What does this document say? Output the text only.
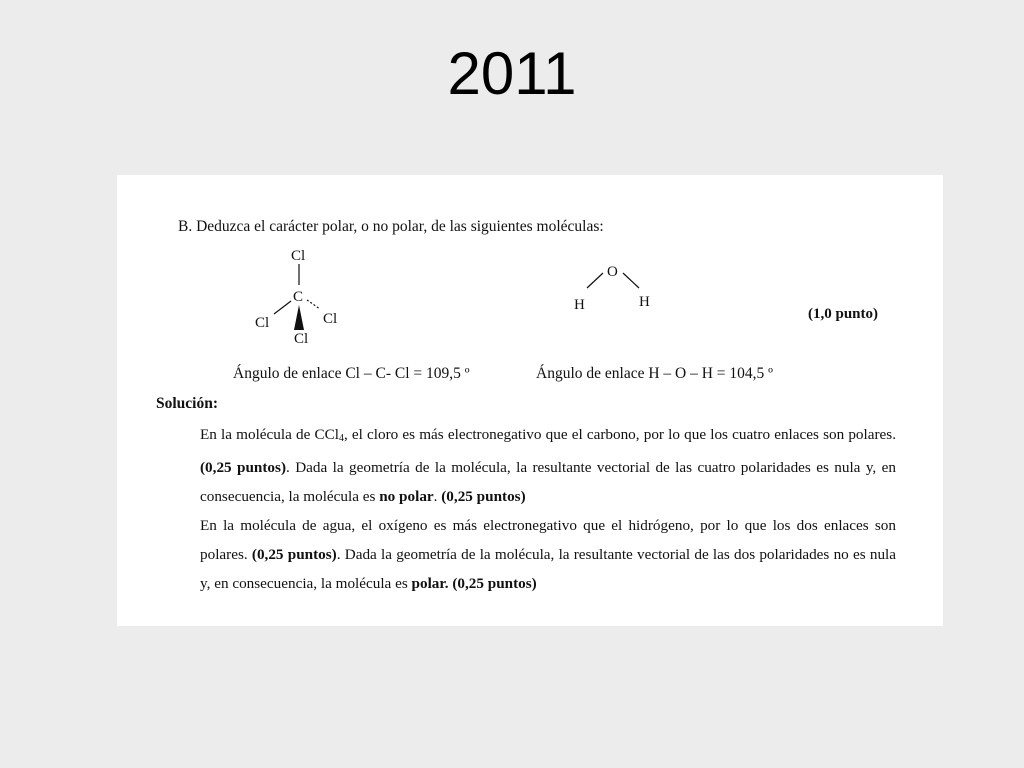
2011
B. Deduzca el carácter polar, o no polar, de las siguientes moléculas:
Cl
C
Cl	Cl
Cl
O
H	H
(1,0 punto)
Ángulo de enlace Cl – C- Cl = 109,5 º	Ángulo de enlace H – O – H = 104,5 º
Solución:

En la molécula de CCl$_4$, el cloro es más electronegativo que el carbono, por lo que los cuatro enlaces son polares. (0,25 puntos). Dada la geometría de la molécula, la resultante vectorial de las cuatro polaridades es nula y, en consecuencia, la molécula es no polar. (0,25 puntos)

En la molécula de agua, el oxígeno es más electronegativo que el hidrógeno, por lo que los dos enlaces son polares. (0,25 puntos). Dada la geometría de la molécula, la resultante vectorial de las dos polaridades no es nula y, en consecuencia, la molécula es polar. (0,25 puntos)
